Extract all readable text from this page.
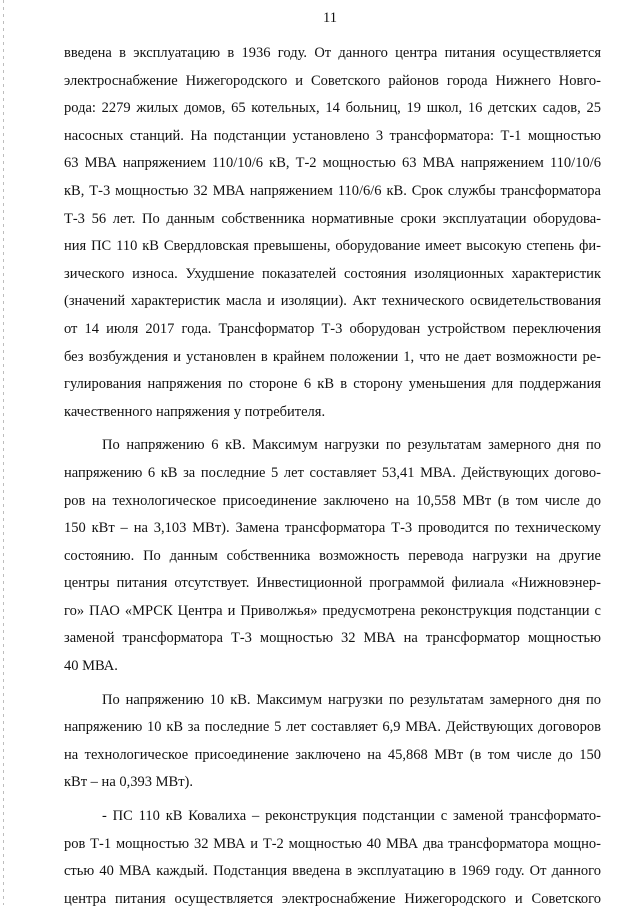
11

введена в эксплуатацию в 1936 году. От данного центра питания осуществляется
электроснабжение Нижегородского и Советского районов города Нижнего Новго-
рода: 2279 жилых домов, 65 котельных, 14 больниц, 19 школ, 16 детских садов, 25
насосных станций. На подстанции установлено 3 трансформатора: Т-1 мощностью
63 МВА напряжением 110/10/6 кВ, Т-2 мощностью 63 МВА напряжением 110/10/6
кВ, Т-3 мощностью 32 МВА напряжением 110/6/6 кВ. Срок службы трансформатора
Т-3 56 лет. По данным собственника нормативные сроки эксплуатации оборудова-
ния ПС 110 кВ Свердловская превышены, оборудование имеет высокую степень фи-
зического износа. Ухудшение показателей состояния изоляционных характеристик
(значений характеристик масла и изоляции). Акт технического освидетельствования
от 14 июля 2017 года. Трансформатор Т-3 оборудован устройством переключения
без возбуждения и установлен в крайнем положении 1, что не дает возможности ре-
гулирования напряжения по стороне 6 кВ в сторону уменьшения для поддержания
качественного напряжения у потребителя.

По напряжению 6 кВ. Максимум нагрузки по результатам замерного дня по
напряжению 6 кВ за последние 5 лет составляет 53,41 МВА. Действующих догово-
ров на технологическое присоединение заключено на 10,558 МВт (в том числе до
150 кВт – на 3,103 МВт). Замена трансформатора Т-3 проводится по техническому
состоянию. По данным собственника возможность перевода нагрузки на другие
центры питания отсутствует. Инвестиционной программой филиала «Нижновэнер-
го» ПАО «МРСК Центра и Приволжья» предусмотрена реконструкция подстанции с
заменой трансформатора Т-3 мощностью 32 МВА на трансформатор мощностью
40 МВА.

По напряжению 10 кВ. Максимум нагрузки по результатам замерного дня по
напряжению 10 кВ за последние 5 лет составляет 6,9 МВА. Действующих договоров
на технологическое присоединение заключено на 45,868 МВт (в том числе до 150
кВт – на 0,393 МВт).

- ПС 110 кВ Ковалиха – реконструкция подстанции с заменой трансформато-
ров Т-1 мощностью 32 МВА и Т-2 мощностью 40 МВА два трансформатора мощно-
стью 40 МВА каждый. Подстанция введена в эксплуатацию в 1969 году. От данного
центра питания осуществляется электроснабжение Нижегородского и Советского
